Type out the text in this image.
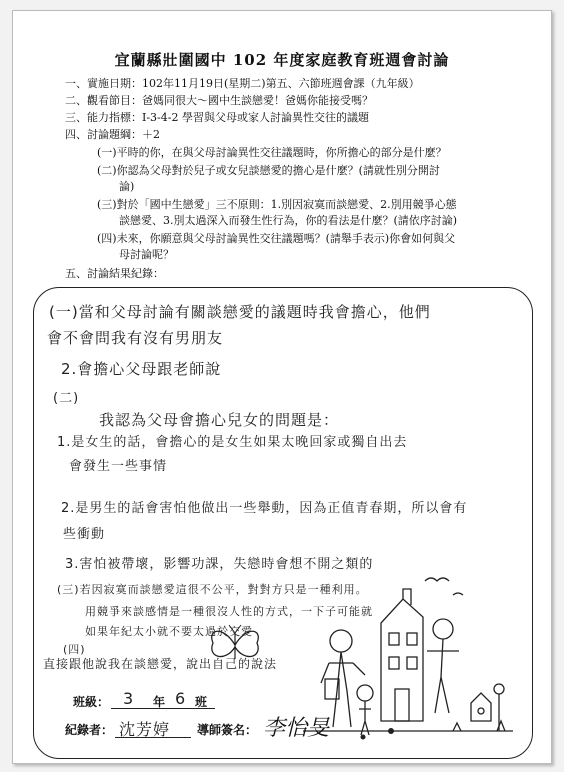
宜蘭縣壯圍國中 102 年度家庭教育班週會討論
一、實施日期：102年11月19日(星期二)第五、六節班週會課（九年級）
二、觀看節目：爸媽同很大～國中生談戀愛！爸媽你能接受嗎？
三、能力指標：I-3-4-2 學習與父母或家人討論異性交往的議題
四、討論題綱：＋2
(一)平時的你，在與父母討論異性交往議題時，你所擔心的部分是什麼？
(二)你認為父母對於兒子或女兒談戀愛的擔心是什麼？(請就性別分開討
論)
(三)對於「國中生戀愛」三不原則：1.別因寂寞而談戀愛、2.別用競爭心態
談戀愛、3.別太過深入而發生性行為，你的看法是什麼？(請依序討論)
(四)未來，你願意與父母討論異性交往議題嗎？(請舉手表示)你會如何與父
母討論呢？
五、討論結果紀錄：
(一)當和父母討論有關談戀愛的議題時我會擔心，他們
會不會問我有沒有男朋友
2.會擔心父母跟老師說
(二)
我認為父母會擔心兒女的問題是：
1.是女生的話，會擔心的是女生如果太晚回家或獨自出去
會發生一些事情
2.是男生的話會害怕他做出一些舉動，因為正值青春期，所以會有
些衝動
3.害怕被帶壞，影響功課，失戀時會想不開之類的
(三)若因寂寞而談戀愛這很不公平，對對方只是一種利用。
用競爭來談感情是一種很沒人性的方式，一下子可能就
如果年紀太小就不要太過於交愛
(四)
直接跟他說我在談戀愛，說出自己的說法
班級： 3 年 6 班
紀錄者： 沈芳婷 導師簽名： 李怡旻
